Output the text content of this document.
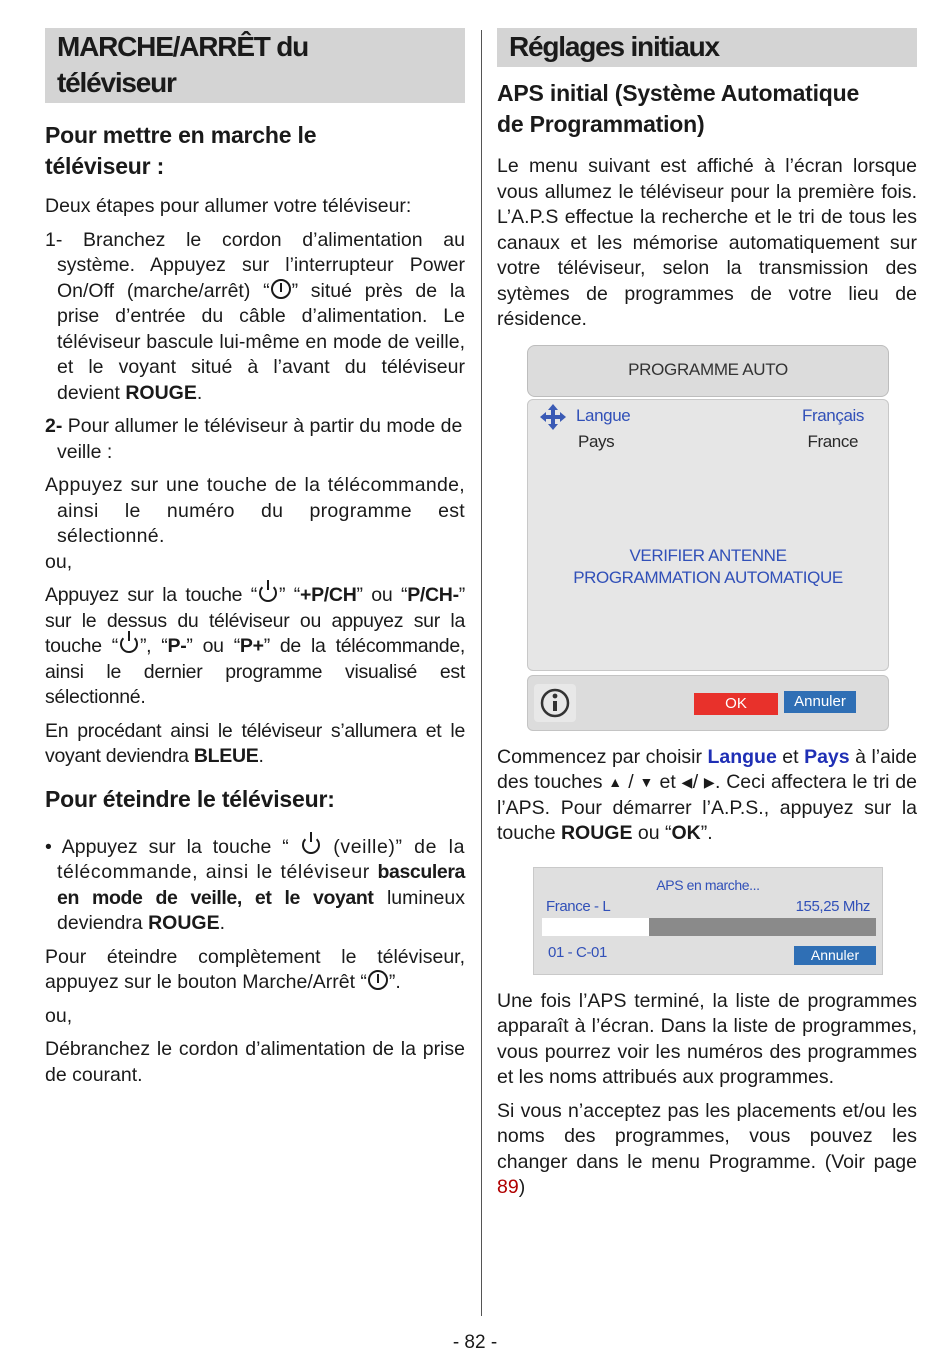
MARCHE/ARRÊT du
téléviseur
Pour mettre en marche le
téléviseur :

Deux étapes pour allumer votre téléviseur:

1- Branchez le cordon d’alimentation au système. Appuyez sur l’interrupteur Power On/Off (marche/arrêt) “ ” situé près de la prise d’entrée du câble d’alimentation. Le téléviseur bascule lui-même en mode de veille, et le voyant situé à l’avant du téléviseur devient ROUGE.

2- Pour allumer le téléviseur à partir du mode de veille :

Appuyez sur une touche de la télécommande, ainsi le numéro du programme est sélectionné.

ou,

Appuyez sur la touche “ ” “+P/CH” ou “P/CH-” sur le dessus du téléviseur ou appuyez sur la touche “ ”, “P-” ou “P+” de la télécommande, ainsi le dernier programme visualisé est sélectionné.

En procédant ainsi le téléviseur s’allumera et le voyant deviendra BLEUE.

Pour éteindre le téléviseur:

• Appuyez sur la touche “  (veille)” de la télécommande, ainsi le téléviseur basculera en mode de veille, et le voyant lumineux deviendra ROUGE.

Pour éteindre complètement le téléviseur, appuyez sur le bouton Marche/Arrêt “ ”.

ou,

Débranchez le cordon d’alimentation de la prise de courant.

Réglages initiaux
APS initial (Système Automatique
de Programmation)

Le menu suivant est affiché à l’écran lorsque vous allumez le téléviseur pour la première fois. L’A.P.S effectue la recherche et le tri de tous les canaux et les mémorise automatiquement sur votre téléviseur, selon la transmission des sytèmes de programmes de votre lieu de résidence.

PROGRAMME AUTO
Langue	Français
Pays	France
VERIFIER ANTENNE
PROGRAMMATION AUTOMATIQUE
OK	Annuler

Commencez par choisir Langue et Pays à l’aide des touches ▲ / ▼ et ◀/ ▶. Ceci affectera le tri de l’APS. Pour démarrer l’A.P.S., appuyez sur la touche ROUGE ou “OK”.

APS en marche...
France - L	155,25 Mhz
01 - C-01	Annuler

Une fois l’APS terminé, la liste de programmes apparaît à l’écran. Dans la liste de programmes, vous pourrez voir les numéros des programmes et les noms attribués aux programmes.

Si vous n’acceptez pas les placements et/ou les noms des programmes, vous pouvez les changer dans le menu Programme. (Voir page 89)

- 82 -
